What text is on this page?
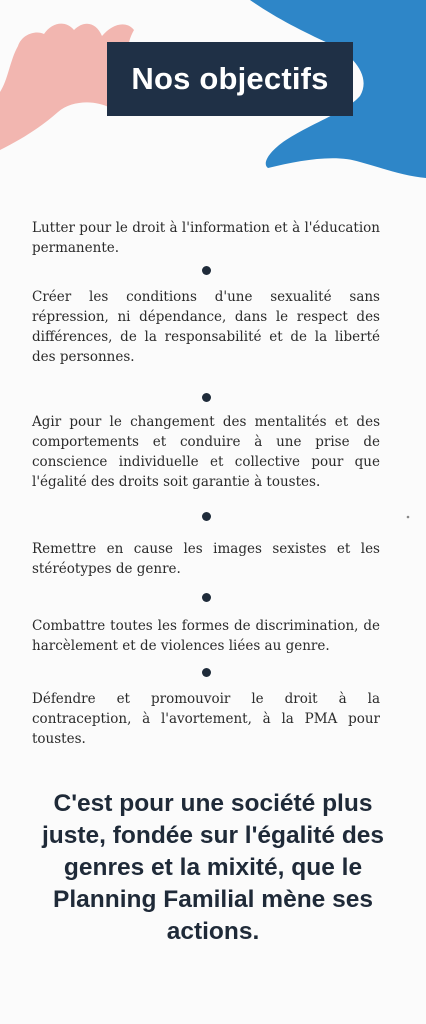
Nos objectifs

Lutter pour le droit à l'information et à l'éducation permanente.

Créer les conditions d'une sexualité sans répression, ni dépendance, dans le respect des différences, de la responsabilité et de la liberté des personnes.

Agir pour le changement des mentalités et des comportements et conduire à une prise de conscience individuelle et collective pour que l'égalité des droits soit garantie à toustes.

Remettre en cause les images sexistes et les stéréotypes de genre.

Combattre toutes les formes de discrimination, de harcèlement et de violences liées au genre.

Défendre et promouvoir le droit à la contraception, à l'avortement, à la PMA pour toustes.

C'est pour une société plus juste, fondée sur l'égalité des genres et la mixité, que le Planning Familial mène ses actions.
